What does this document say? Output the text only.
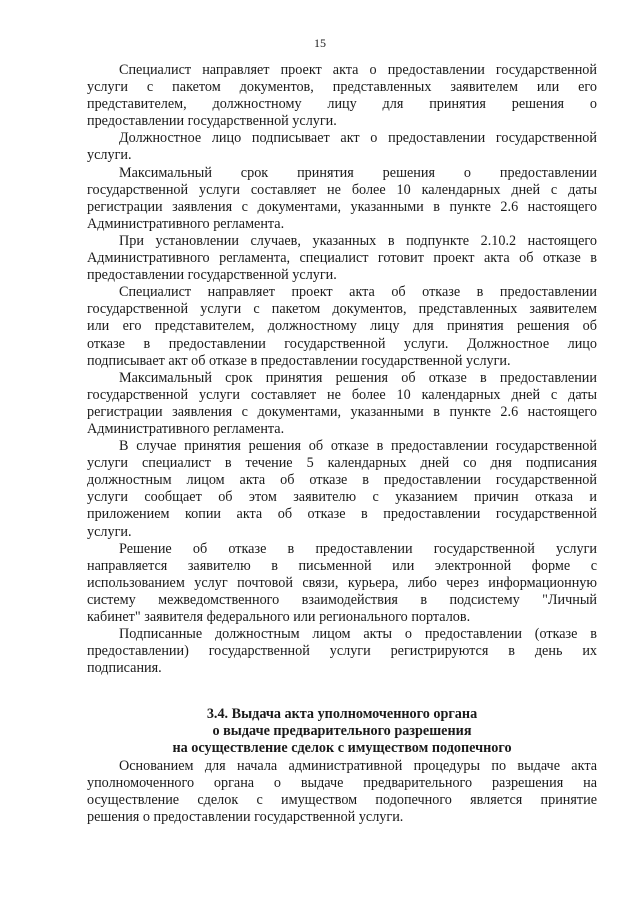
15
Специалист направляет проект акта о предоставлении государственной
услуги с пакетом документов, представленных заявителем или его
представителем, должностному лицу для принятия решения о
предоставлении государственной услуги.
Должностное лицо подписывает акт о предоставлении государственной
услуги.
Максимальный срок принятия решения о предоставлении
государственной услуги составляет не более 10 календарных дней с даты
регистрации заявления с документами, указанными в пункте 2.6 настоящего
Административного регламента.
При установлении случаев, указанных в подпункте 2.10.2 настоящего
Административного регламента, специалист готовит проект акта об отказе в
предоставлении государственной услуги.
Специалист направляет проект акта об отказе в предоставлении
государственной услуги с пакетом документов, представленных заявителем
или его представителем, должностному лицу для принятия решения об
отказе в предоставлении государственной услуги. Должностное лицо
подписывает акт об отказе в предоставлении государственной услуги.
Максимальный срок принятия решения об отказе в предоставлении
государственной услуги составляет не более 10 календарных дней с даты
регистрации заявления с документами, указанными в пункте 2.6 настоящего
Административного регламента.
В случае принятия решения об отказе в предоставлении государственной
услуги специалист в течение 5 календарных дней со дня подписания
должностным лицом акта об отказе в предоставлении государственной
услуги сообщает об этом заявителю с указанием причин отказа и
приложением копии акта об отказе в предоставлении государственной
услуги.
Решение об отказе в предоставлении государственной услуги
направляется заявителю в письменной или электронной форме с
использованием услуг почтовой связи, курьера, либо через информационную
систему межведомственного взаимодействия в подсистему "Личный
кабинет" заявителя федерального или регионального порталов.
Подписанные должностным лицом акты о предоставлении (отказе в
предоставлении) государственной услуги регистрируются в день их
подписания.
3.4. Выдача акта уполномоченного органа
о выдаче предварительного разрешения
на осуществление сделок с имуществом подопечного
Основанием для начала административной процедуры по выдаче акта
уполномоченного органа о выдаче предварительного разрешения на
осуществление сделок с имуществом подопечного является принятие
решения о предоставлении государственной услуги.
